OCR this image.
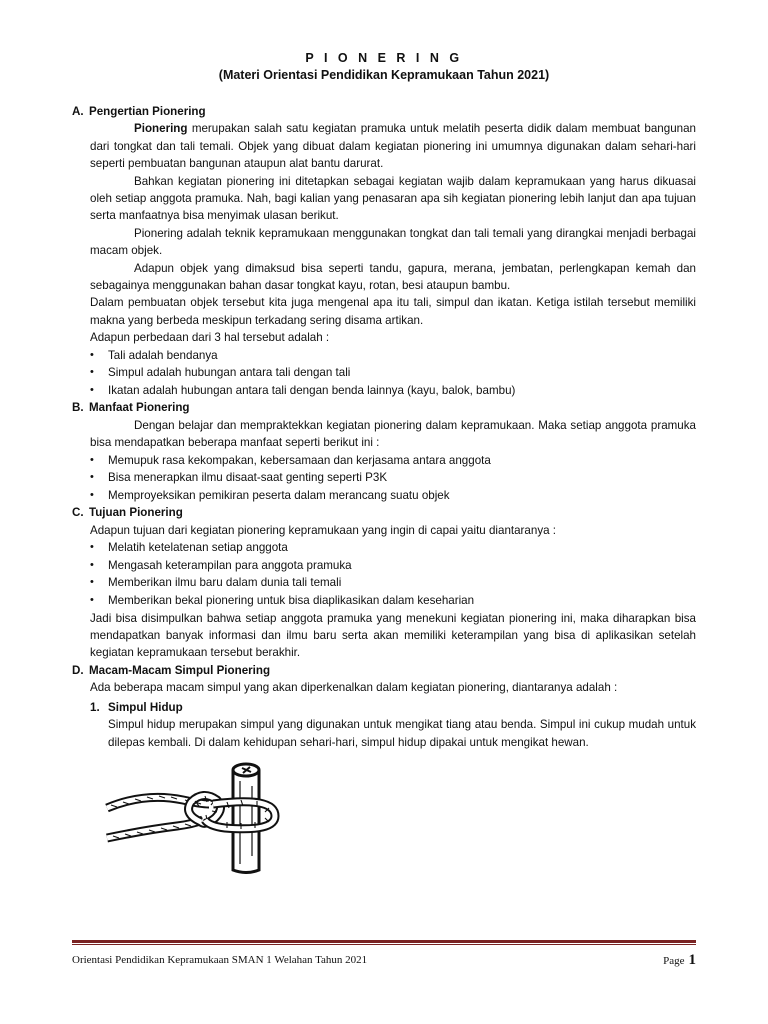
P I O N E R I N G

(Materi Orientasi Pendidikan Kepramukaan Tahun 2021)

A. Pengertian Pionering

Pionering merupakan salah satu kegiatan pramuka untuk melatih peserta didik dalam membuat bangunan dari tongkat dan tali temali. Objek yang dibuat dalam kegiatan pionering ini umumnya digunakan dalam sehari-hari seperti pembuatan bangunan ataupun alat bantu darurat.

Bahkan kegiatan pionering ini ditetapkan sebagai kegiatan wajib dalam kepramukaan yang harus dikuasai oleh setiap anggota pramuka. Nah, bagi kalian yang penasaran apa sih kegiatan pionering lebih lanjut dan apa tujuan serta manfaatnya bisa menyimak ulasan berikut.

Pionering adalah teknik kepramukaan menggunakan tongkat dan tali temali yang dirangkai menjadi berbagai macam objek.

Adapun objek yang dimaksud bisa seperti tandu, gapura, merana, jembatan, perlengkapan kemah dan sebagainya menggunakan bahan dasar tongkat kayu, rotan, besi ataupun bambu.

Dalam pembuatan objek tersebut kita juga mengenal apa itu tali, simpul dan ikatan. Ketiga istilah tersebut memiliki makna yang berbeda meskipun terkadang sering disama artikan.

Adapun perbedaan dari 3 hal tersebut adalah :

• Tali adalah bendanya
• Simpul adalah hubungan antara tali dengan tali
• Ikatan adalah hubungan antara tali dengan benda lainnya (kayu, balok, bambu)

B. Manfaat Pionering

Dengan belajar dan mempraktekkan kegiatan pionering dalam kepramukaan. Maka setiap anggota pramuka bisa mendapatkan beberapa manfaat seperti berikut ini :

• Memupuk rasa kekompakan, kebersamaan dan kerjasama antara anggota
• Bisa menerapkan ilmu disaat-saat genting seperti P3K
• Memproyeksikan pemikiran peserta dalam merancang suatu objek

C. Tujuan Pionering

Adapun tujuan dari kegiatan pionering kepramukaan yang ingin di capai yaitu diantaranya :

• Melatih ketelatenan setiap anggota
• Mengasah keterampilan para anggota pramuka
• Memberikan ilmu baru dalam dunia tali temali
• Memberikan bekal pionering untuk bisa diaplikasikan dalam keseharian

Jadi bisa disimpulkan bahwa setiap anggota pramuka yang menekuni kegiatan pionering ini, maka diharapkan bisa mendapatkan banyak informasi dan ilmu baru serta akan memiliki keterampilan yang bisa di aplikasikan setelah kegiatan kepramukaan tersebut berakhir.

D. Macam-Macam Simpul Pionering

Ada beberapa macam simpul yang akan diperkenalkan dalam kegiatan pionering, diantaranya adalah :

1. Simpul Hidup

Simpul hidup merupakan simpul yang digunakan untuk mengikat tiang atau benda. Simpul ini cukup mudah untuk dilepas kembali. Di dalam kehidupan sehari-hari, simpul hidup dipakai untuk mengikat hewan.

Orientasi Pendidikan Kepramukaan SMAN 1 Welahan Tahun 2021	Page 1
